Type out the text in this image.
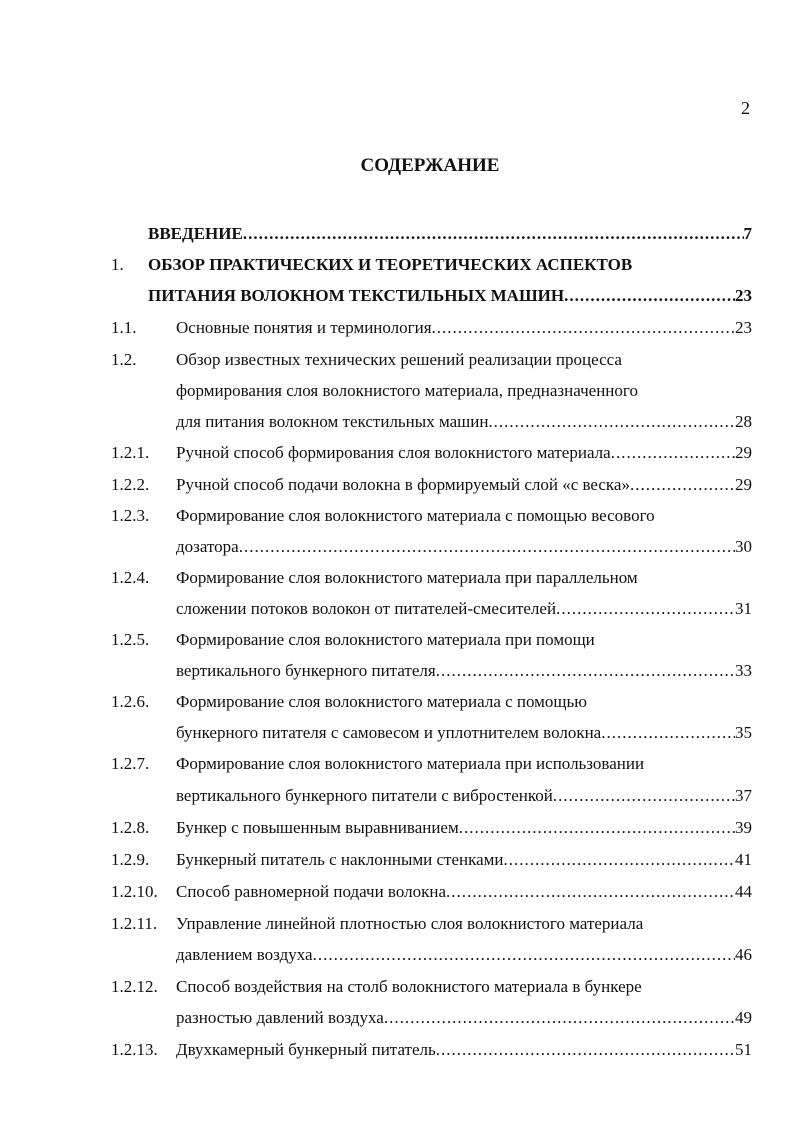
2
СОДЕРЖАНИЕ
ВВЕДЕНИЕ .....	7
1. ОБЗОР ПРАКТИЧЕСКИХ И ТЕОРЕТИЧЕСКИХ АСПЕКТОВ
ПИТАНИЯ ВОЛОКНОМ ТЕКСТИЛЬНЫХ МАШИН .....	23
1.1. Основные понятия и терминология .....	23
1.2. Обзор известных технических решений реализации процесса
формирования слоя волокнистого материала, предназначенного
для питания волокном текстильных машин .....	28
1.2.1. Ручной способ формирования слоя волокнистого материала .....	29
1.2.2. Ручной способ подачи волокна в формируемый слой «с веска» .....	29
1.2.3. Формирование слоя волокнистого материала с помощью весового
дозатора .....	30
1.2.4. Формирование слоя волокнистого материала при параллельном
сложении потоков волокон от питателей-смесителей .....	31
1.2.5. Формирование слоя волокнистого материала при помощи
вертикального бункерного питателя .....	33
1.2.6. Формирование слоя волокнистого материала с помощью
бункерного питателя с самовесом и уплотнителем волокна .....	35
1.2.7. Формирование слоя волокнистого материала при использовании
вертикального бункерного питатели с вибростенкой .....	37
1.2.8. Бункер с повышенным выравниванием .....	39
1.2.9. Бункерный питатель с наклонными стенками .....	41
1.2.10. Способ равномерной подачи волокна .....	44
1.2.11. Управление линейной плотностью слоя волокнистого материала
давлением воздуха .....	46
1.2.12. Способ воздействия на столб волокнистого материала в бункере
разностью давлений воздуха .....	49
1.2.13. Двухкамерный бункерный питатель .....	51
